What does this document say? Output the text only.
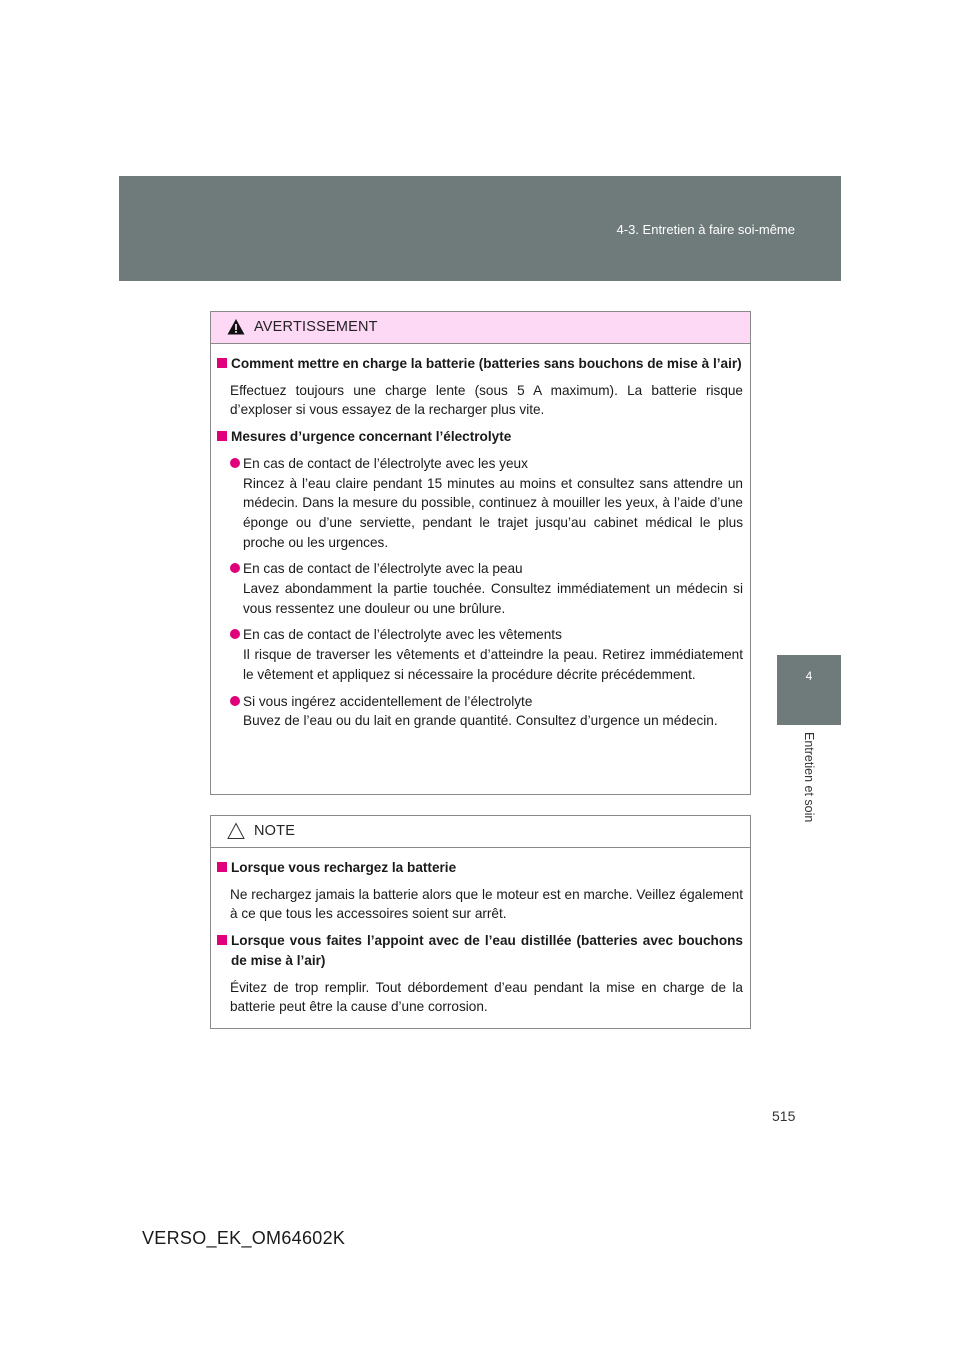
4-3. Entretien à faire soi-même
4
Entretien et soin
AVERTISSEMENT
Comment mettre en charge la batterie (batteries sans bouchons de mise à l’air)
Effectuez toujours une charge lente (sous 5 A maximum). La batterie risque d’exploser si vous essayez de la recharger plus vite.
Mesures d’urgence concernant l’électrolyte
En cas de contact de l’électrolyte avec les yeux
Rincez à l’eau claire pendant 15 minutes au moins et consultez sans attendre un médecin. Dans la mesure du possible, continuez à mouiller les yeux, à l’aide d’une éponge ou d’une serviette, pendant le trajet jusqu’au cabinet médical le plus proche ou les urgences.
En cas de contact de l’électrolyte avec la peau
Lavez abondamment la partie touchée. Consultez immédiatement un médecin si vous ressentez une douleur ou une brûlure.
En cas de contact de l’électrolyte avec les vêtements
Il risque de traverser les vêtements et d’atteindre la peau. Retirez immédiatement le vêtement et appliquez si nécessaire la procédure décrite précédemment.
Si vous ingérez accidentellement de l’électrolyte
Buvez de l’eau ou du lait en grande quantité. Consultez d’urgence un médecin.
NOTE
Lorsque vous rechargez la batterie
Ne rechargez jamais la batterie alors que le moteur est en marche. Veillez également à ce que tous les accessoires soient sur arrêt.
Lorsque vous faites l’appoint avec de l’eau distillée (batteries avec bouchons de mise à l’air)
Évitez de trop remplir. Tout débordement d’eau pendant la mise en charge de la batterie peut être la cause d’une corrosion.
515
VERSO_EK_OM64602K
